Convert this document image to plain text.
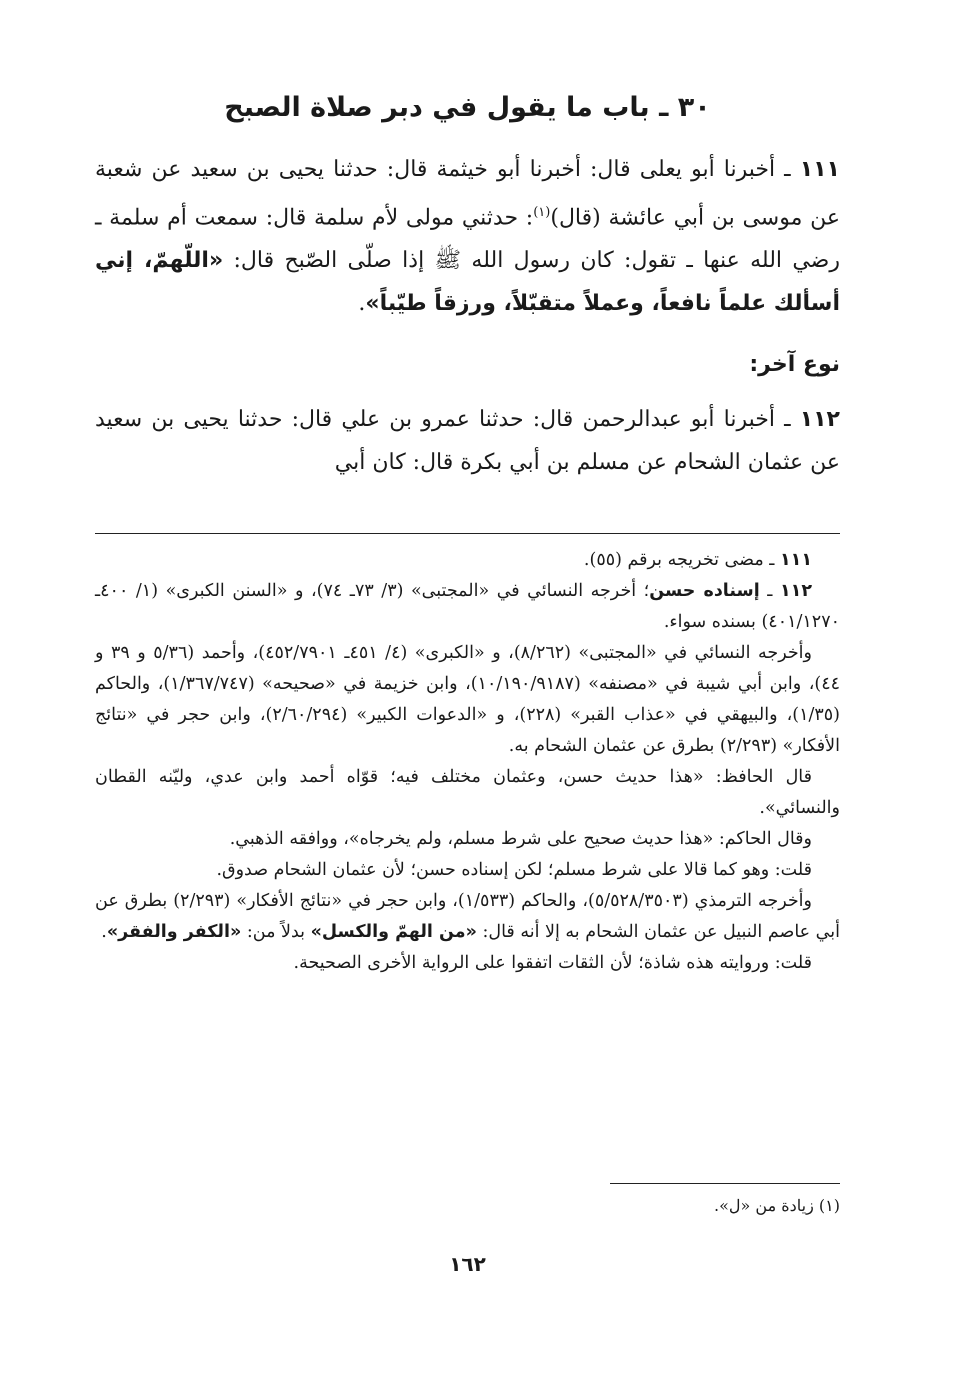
٣٠ ـ باب ما يقول في دبر صلاة الصبح

١١١ ـ أخبرنا أبو يعلى قال: أخبرنا أبو خيثمة قال: حدثنا يحيى بن سعيد عن شعبة عن موسى بن أبي عائشة (قال)$^{(١)}$: حدثني مولى لأم سلمة قال: سمعت أم سلمة ـ رضي الله عنها ـ تقول: كان رسول الله ﷺ إذا صلّى الصّبح قال: «اللّهمّ، إني أسألك علماً نافعاً، وعملاً متقبّلاً، ورزقاً طيّباً».

نوع آخر:

١١٢ ـ أخبرنا أبو عبدالرحمن قال: حدثنا عمرو بن علي قال: حدثنا يحيى بن سعيد عن عثمان الشحام عن مسلم بن أبي بكرة قال: كان أبي

١١١ ـ مضى تخريجه برقم (٥٥).

١١٢ ـ إسناده حسن؛ أخرجه النسائي في «المجتبى» (٣/ ٧٣ـ ٧٤)، و «السنن الكبرى» (١/ ٤٠٠ـ ٤٠١/١٢٧٠) بسنده سواء.

وأخرجه النسائي في «المجتبى» (٨/٢٦٢)، و «الكبرى» (٤/ ٤٥١ـ ٤٥٢/٧٩٠١)، وأحمد (٥/٣٦ و ٣٩ و ٤٤)، وابن أبي شيبة في «مصنفه» (١٠/١٩٠/٩١٨٧)، وابن خزيمة في «صحيحه» (١/٣٦٧/٧٤٧)، والحاكم (١/٣٥)، والبيهقي في «عذاب القبر» (٢٢٨)، و «الدعوات الكبير» (٢/٦٠/٢٩٤)، وابن حجر في «نتائج الأفكار» (٢/٢٩٣) بطرق عن عثمان الشحام به.

قال الحافظ: «هذا حديث حسن، وعثمان مختلف فيه؛ قوّاه أحمد وابن عدي، وليّنه القطان والنسائي».

وقال الحاكم: «هذا حديث صحيح على شرط مسلم، ولم يخرجاه»، ووافقه الذهبي.

قلت: وهو كما قالا على شرط مسلم؛ لكن إسناده حسن؛ لأن عثمان الشحام صدوق.

وأخرجه الترمذي (٥/٥٢٨/٣٥٠٣)، والحاكم (١/٥٣٣)، وابن حجر في «نتائج الأفكار» (٢/٢٩٣) بطرق عن أبي عاصم النبيل عن عثمان الشحام به إلا أنه قال: «من الهمّ والكسل» بدلاً من: «الكفر والفقر».

قلت: وروايته هذه شاذة؛ لأن الثقات اتفقوا على الرواية الأخرى الصحيحة.

(١) زيادة من «ل».
١٦٢
